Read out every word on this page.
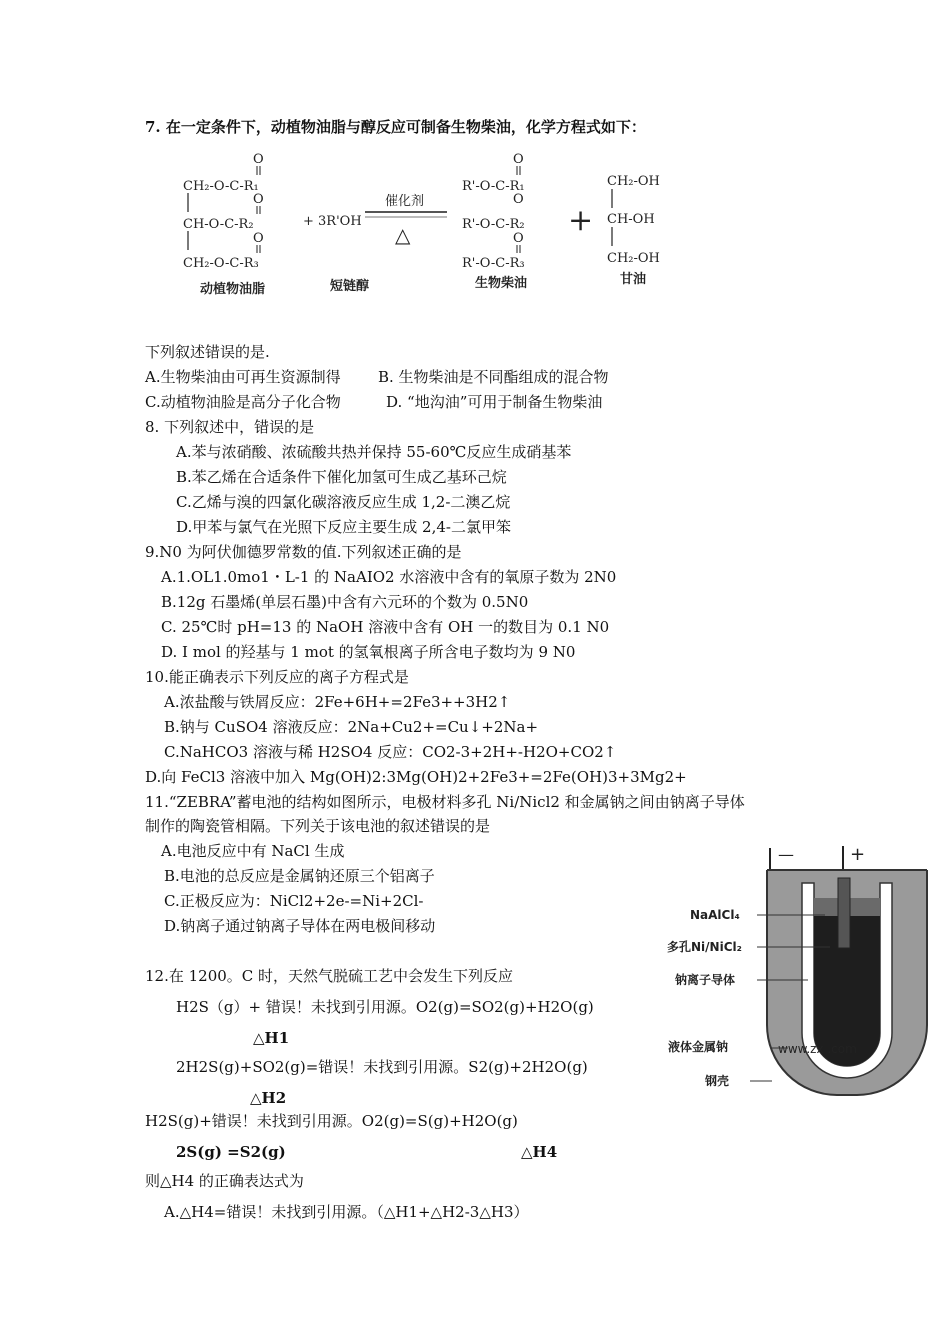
7. 在一定条件下，动植物油脂与醇反应可制备生物柴油，化学方程式如下：
O
CH₂-O-C-R₁
O
CH-O-C-R₂
O
CH₂-O-C-R₃
+ 3R'OH
催化剂
△
O
R'-O-C-R₁
O
R'-O-C-R₂
O
R'-O-C-R₃
+
CH₂-OH
CH-OH
CH₂-OH
动植物油脂	短链醇	生物柴油	甘油
下列叙述错误的是.
A.生物柴油由可再生资源制得 B. 生物柴油是不同酯组成的混合物
C.动植物油脸是高分子化合物	D. “地沟油”可用于制备生物柴油
8. 下列叙述中，错误的是
A.苯与浓硝酸、浓硫酸共热并保持 55-60℃反应生成硝基苯
B.苯乙烯在合适条件下催化加氢可生成乙基环己烷
C.乙烯与溴的四氯化碳溶液反应生成 1,2-二澳乙烷
D.甲苯与氯气在光照下反应主要生成 2,4-二氯甲笨
9.N0 为阿伏伽德罗常数的值.下列叙述正确的是
A.1.OL1.0mo1・L-1 的 NaAIO2 水溶液中含有的氧原子数为 2N0
B.12g 石墨烯(单层石墨)中含有六元环的个数为 0.5N0
C. 25℃时 pH=13 的 NaOH 溶液中含有 OH 一的数目为 0.1 N0
D. I mol 的羟基与 1 mot 的氢氧根离子所含电子数均为 9 N0
10.能正确表示下列反应的离子方程式是
A.浓盐酸与铁屑反应：2Fe+6H+=2Fe3++3H2↑
B.钠与 CuSO4 溶液反应：2Na+Cu2+=Cu↓+2Na+
C.NaHCO3 溶液与稀 H2SO4 反应：CO2-3+2H+-H2O+CO2↑
D.向 FeCl3 溶液中加入 Mg(OH)2:3Mg(OH)2+2Fe3+=2Fe(OH)3+3Mg2+
11.“ZEBRA”蓄电池的结构如图所示，电极材料多孔 Ni/Nicl2 和金属钠之间由钠离子导体
制作的陶瓷管相隔。下列关于该电池的叙述错误的是
A.电池反应中有 NaCl 生成
B.电池的总反应是金属钠还原三个铝离子
C.正极反应为：NiCl2+2e-=Ni+2Cl-
D.钠离子通过钠离子导体在两电极间移动
—	+
www.zx .com
NaAlCl₄
多孔Ni/NiCl₂
钠离子导体
液体金属钠
钢壳
12.在 1200。C 时，天然气脱硫工艺中会发生下列反应
H2S（g）+ 错误！未找到引用源。O2(g)=SO2(g)+H2O(g)
△H1
2H2S(g)+SO2(g)=错误！未找到引用源。S2(g)+2H2O(g)
△H2
H2S(g)+错误！未找到引用源。O2(g)=S(g)+H2O(g)
2S(g) =S2(g)	△H4
则△H4 的正确表达式为
A.△H4=错误！未找到引用源。（△H1+△H2-3△H3）
